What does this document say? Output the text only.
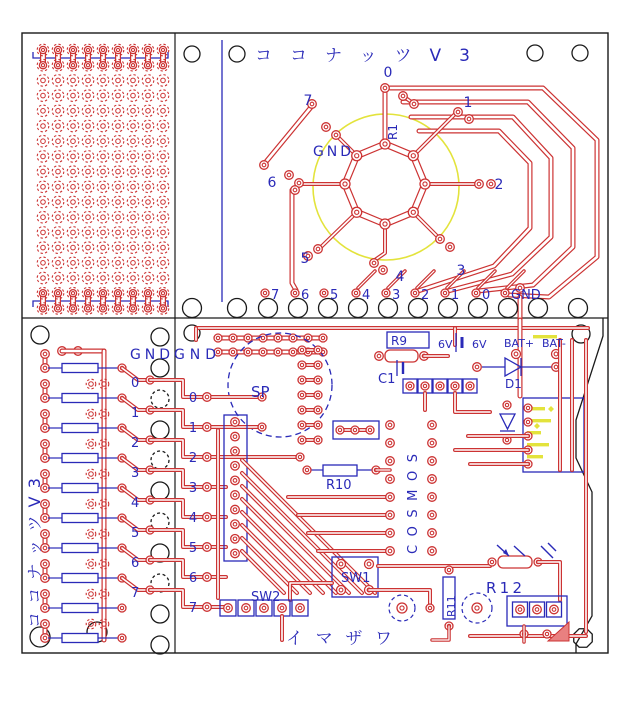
ココナッツV3
GND
R1
GND
ココナッツV3
GND
SP
R9	6V 6V BAT+ BAT-
C1	D1
R10
COSMOS
R11
R12
SW1
SW2
イマザワ
0
1
2
3
4
5
6
7
7 6 5 4 3 2 1 0 GND
0
1
2
3
4
5
6
7
0
1
2
3
4
5
6
7
